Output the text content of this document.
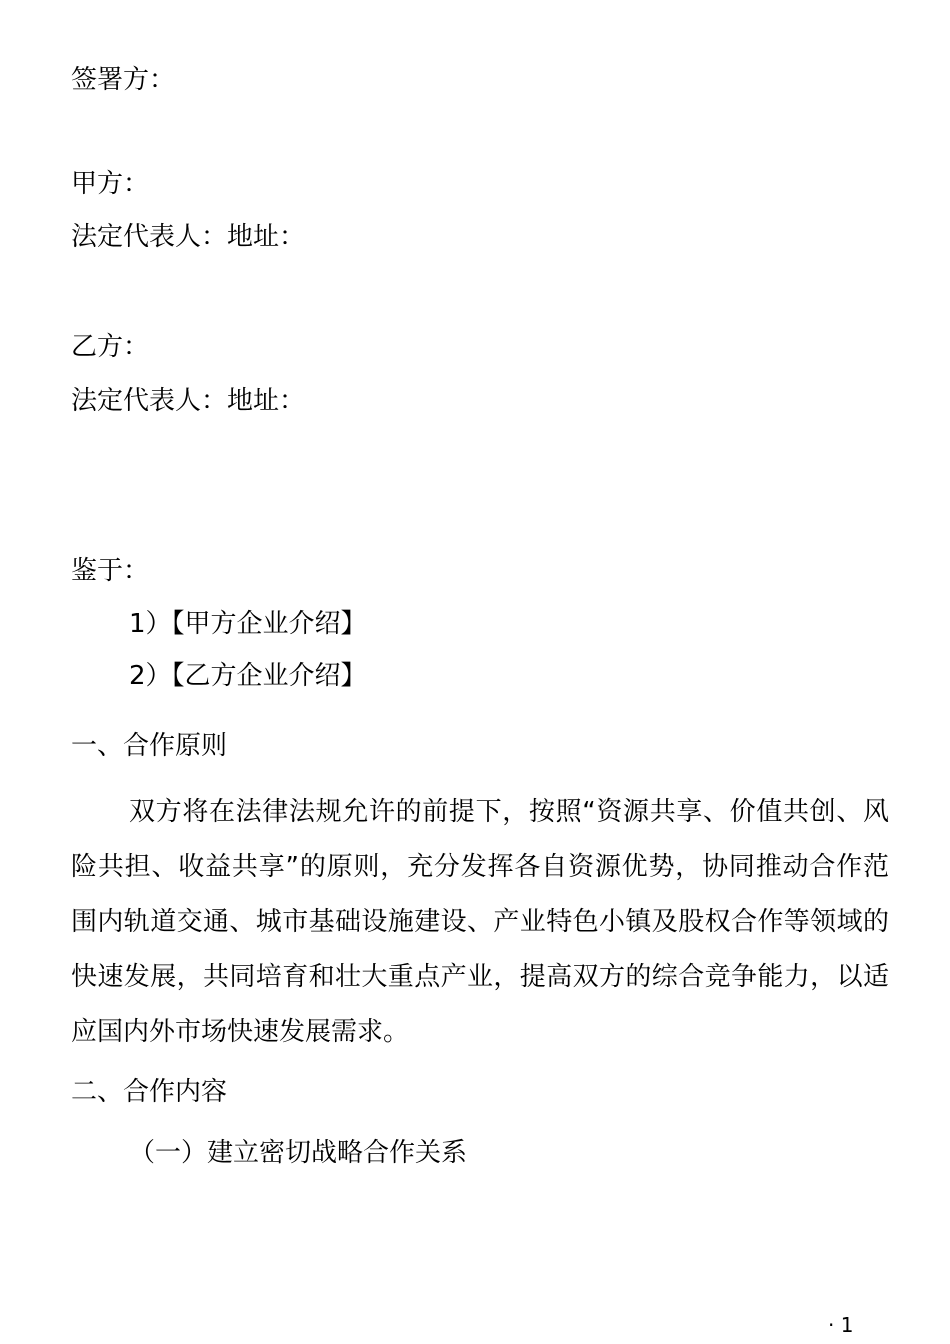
签署方：
甲方：
法定代表人：地址：
乙方：
法定代表人：地址：
鉴于：
1）【甲方企业介绍】
2）【乙方企业介绍】
一、合作原则

双方将在法律法规允许的前提下，按照“资源共享、价值共创、风险共担、收益共享”的原则，充分发挥各自资源优势，协同推动合作范围内轨道交通、城市基础设施建设、产业特色小镇及股权合作等领域的快速发展，共同培育和壮大重点产业，提高双方的综合竞争能力，以适应国内外市场快速发展需求。

二、合作内容
（一）建立密切战略合作关系
· 1
